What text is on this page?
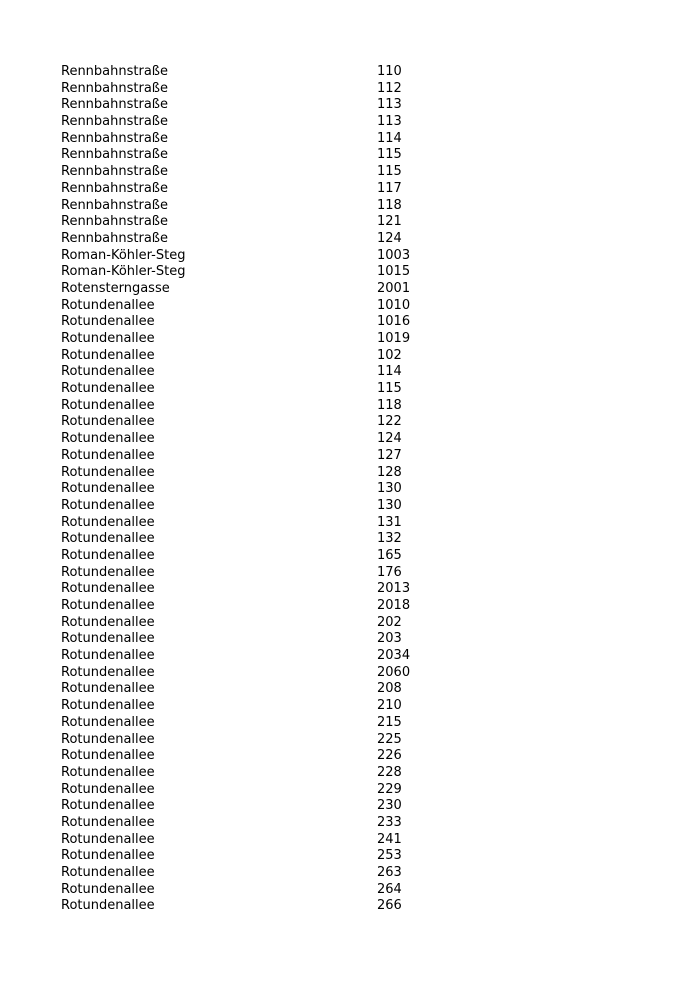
Rennbahnstraße	110
Rennbahnstraße	112
Rennbahnstraße	113
Rennbahnstraße	113
Rennbahnstraße	114
Rennbahnstraße	115
Rennbahnstraße	115
Rennbahnstraße	117
Rennbahnstraße	118
Rennbahnstraße	121
Rennbahnstraße	124
Roman-Köhler-Steg	1003
Roman-Köhler-Steg	1015
Rotensterngasse	2001
Rotundenallee	1010
Rotundenallee	1016
Rotundenallee	1019
Rotundenallee	102
Rotundenallee	114
Rotundenallee	115
Rotundenallee	118
Rotundenallee	122
Rotundenallee	124
Rotundenallee	127
Rotundenallee	128
Rotundenallee	130
Rotundenallee	130
Rotundenallee	131
Rotundenallee	132
Rotundenallee	165
Rotundenallee	176
Rotundenallee	2013
Rotundenallee	2018
Rotundenallee	202
Rotundenallee	203
Rotundenallee	2034
Rotundenallee	2060
Rotundenallee	208
Rotundenallee	210
Rotundenallee	215
Rotundenallee	225
Rotundenallee	226
Rotundenallee	228
Rotundenallee	229
Rotundenallee	230
Rotundenallee	233
Rotundenallee	241
Rotundenallee	253
Rotundenallee	263
Rotundenallee	264
Rotundenallee	266
